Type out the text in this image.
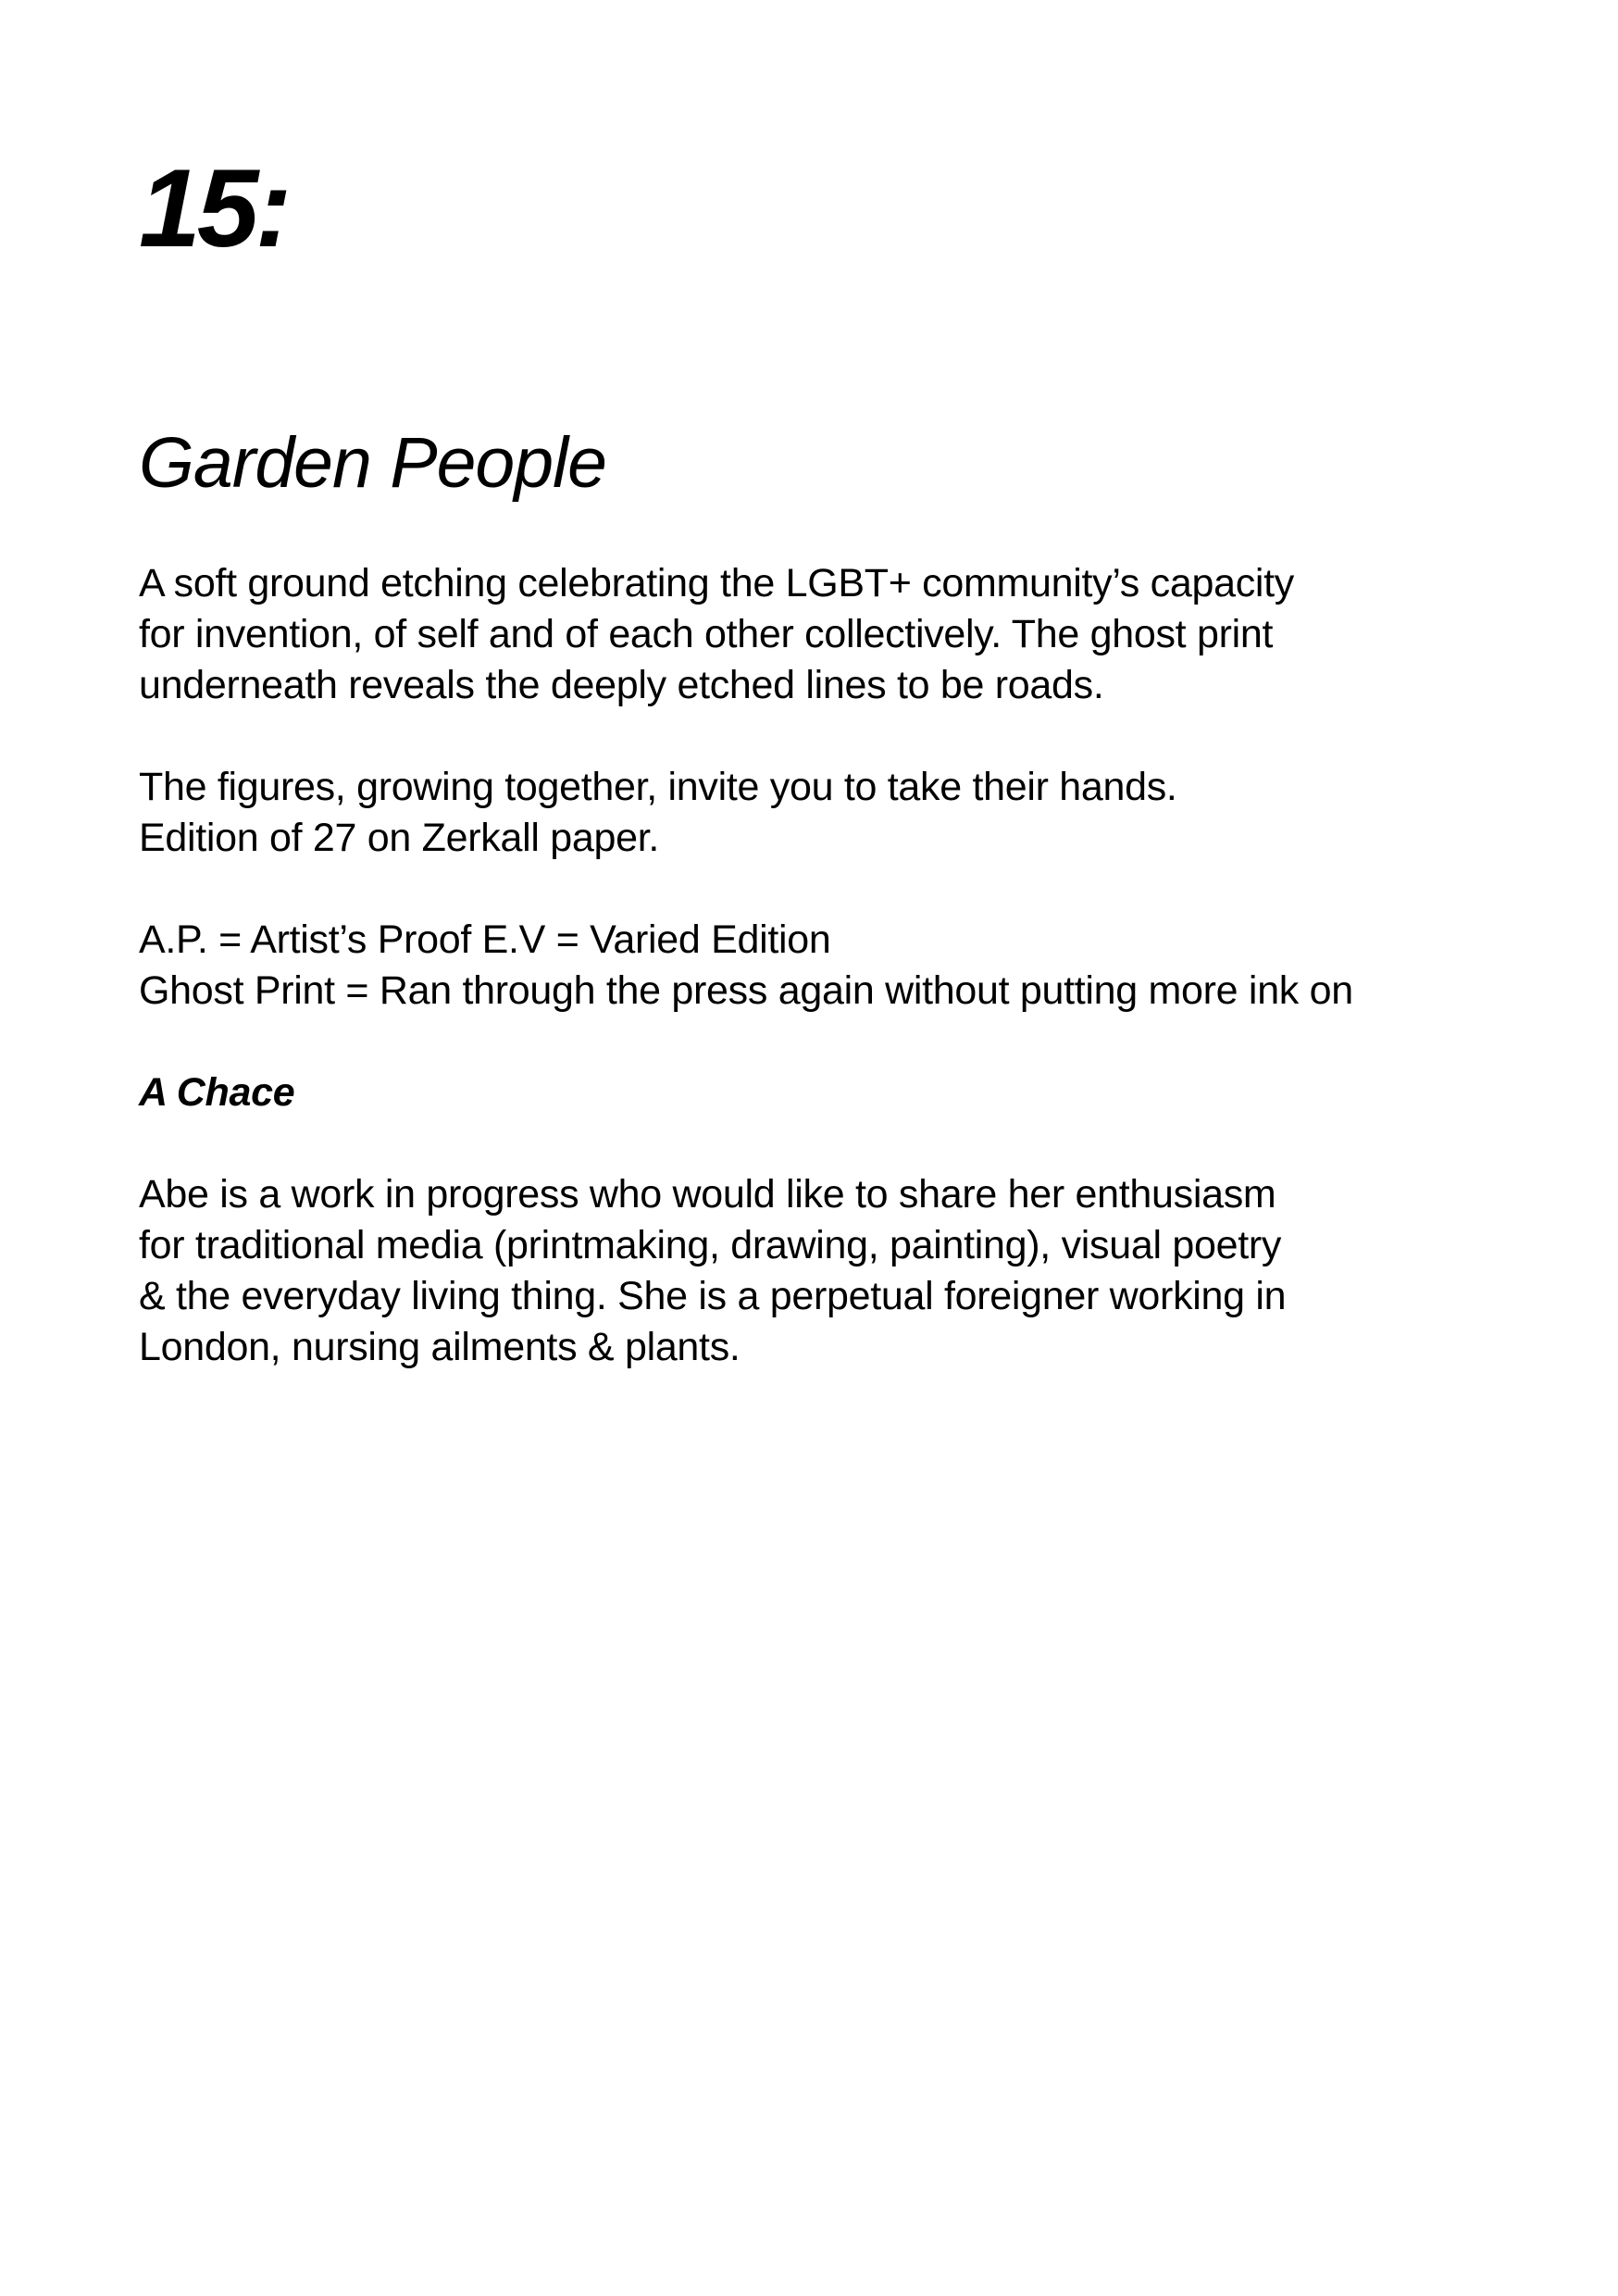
15:
Garden People

A soft ground etching celebrating the LGBT+ community’s capacity
for invention, of self and of each other collectively. The ghost print
underneath reveals the deeply etched lines to be roads.

The figures, growing together, invite you to take their hands.
Edition of 27 on Zerkall paper.

A.P. = Artist’s Proof E.V = Varied Edition
Ghost Print = Ran through the press again without putting more ink on

A Chace

Abe is a work in progress who would like to share her enthusiasm
for traditional media (printmaking, drawing, painting), visual poetry
& the everyday living thing. She is a perpetual foreigner working in
London, nursing ailments & plants.
